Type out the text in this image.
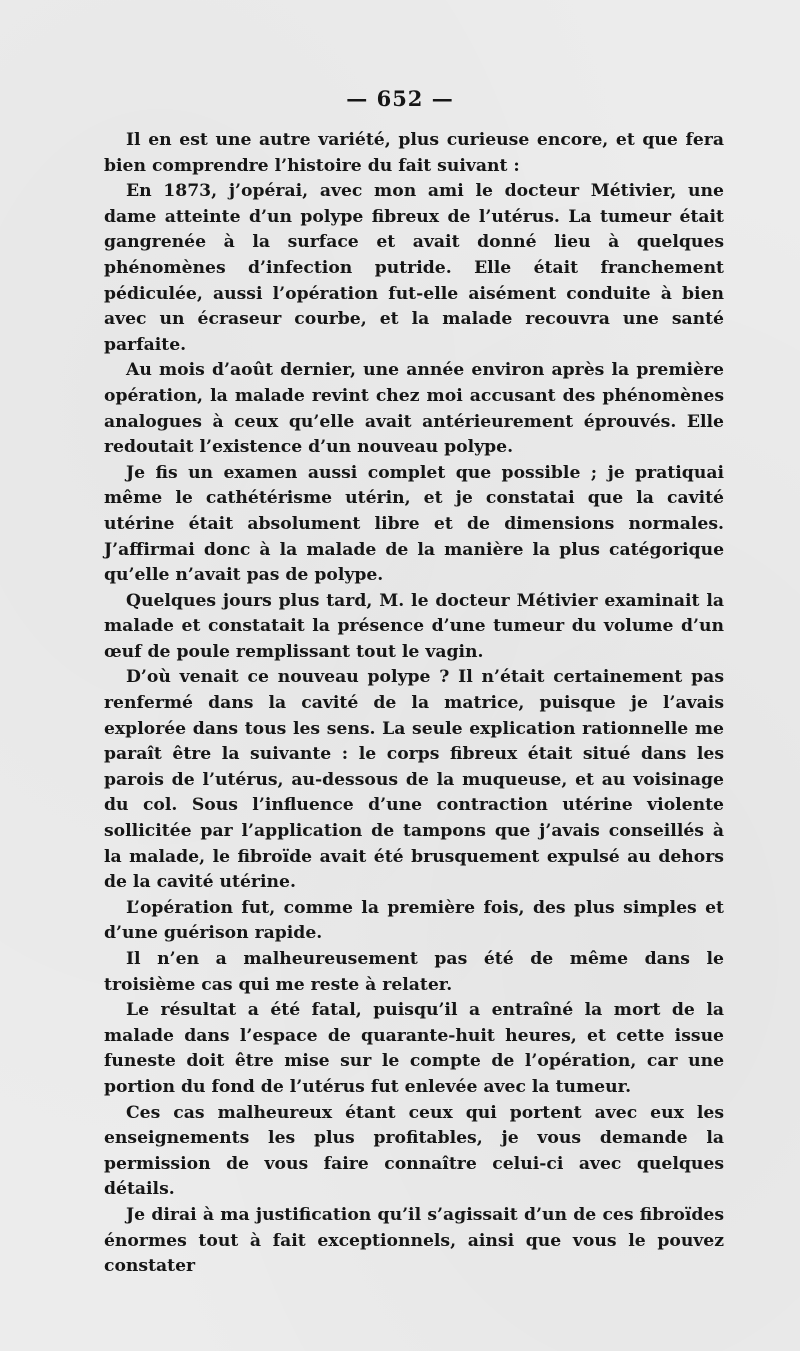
— 652 —

Il en est une autre variété, plus curieuse encore, et que fera bien comprendre l’histoire du fait suivant :

En 1873, j’opérai, avec mon ami le docteur Métivier, une dame atteinte d’un polype fibreux de l’utérus. La tumeur était gangrenée à la surface et avait donné lieu à quelques phénomènes d’infection putride. Elle était franchement pédiculée, aussi l’opération fut-elle aisément conduite à bien avec un écraseur courbe, et la malade recouvra une santé parfaite.

Au mois d’août dernier, une année environ après la première opération, la malade revint chez moi accusant des phénomènes analogues à ceux qu’elle avait antérieurement éprouvés. Elle redoutait l’existence d’un nouveau polype.

Je fis un examen aussi complet que possible ; je pratiquai même le cathétérisme utérin, et je constatai que la cavité utérine était absolument libre et de dimensions normales. J’affirmai donc à la malade de la manière la plus catégorique qu’elle n’avait pas de polype.

Quelques jours plus tard, M. le docteur Métivier examinait la malade et constatait la présence d’une tumeur du volume d’un œuf de poule remplissant tout le vagin.

D’où venait ce nouveau polype ? Il n’était certainement pas renfermé dans la cavité de la matrice, puisque je l’avais explorée dans tous les sens. La seule explication rationnelle me paraît être la suivante : le corps fibreux était situé dans les parois de l’utérus, au-dessous de la muqueuse, et au voisinage du col. Sous l’influence d’une contraction utérine violente sollicitée par l’application de tampons que j’avais conseillés à la malade, le fibroïde avait été brusquement expulsé au dehors de la cavité utérine.

L’opération fut, comme la première fois, des plus simples et d’une guérison rapide.

Il n’en a malheureusement pas été de même dans le troisième cas qui me reste à relater.

Le résultat a été fatal, puisqu’il a entraîné la mort de la malade dans l’espace de quarante-huit heures, et cette issue funeste doit être mise sur le compte de l’opération, car une portion du fond de l’utérus fut enlevée avec la tumeur.

Ces cas malheureux étant ceux qui portent avec eux les enseignements les plus profitables, je vous demande la permission de vous faire connaître celui-ci avec quelques détails.

Je dirai à ma justification qu’il s’agissait d’un de ces fibroïdes énormes tout à fait exceptionnels, ainsi que vous le pouvez constater
